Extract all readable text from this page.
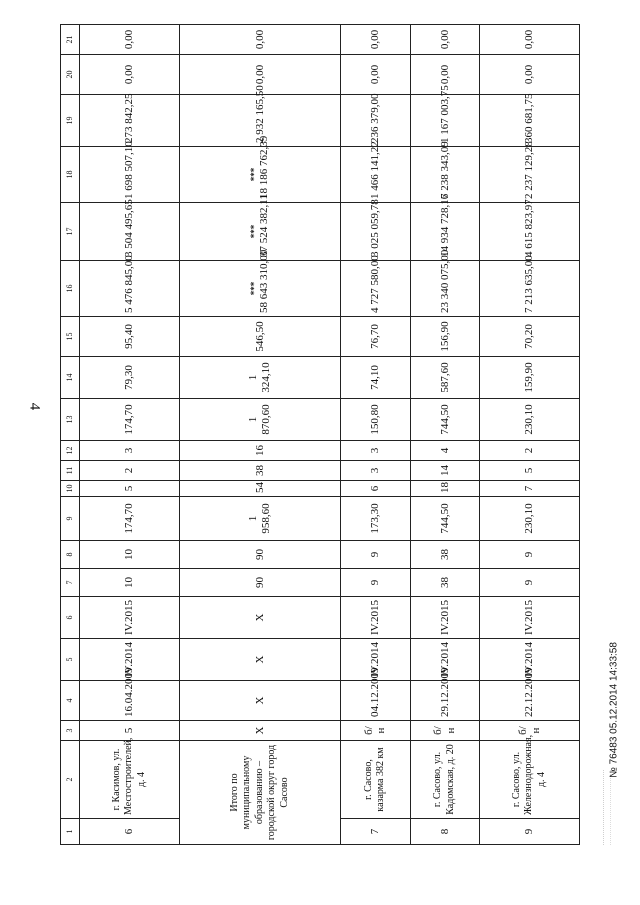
4
1	2	3	4	5	6	7	8	9	10	11	12	13	14	15	16	17	18	19	20	21
6	г. Касимов, ул. Месгостроителей, д. 4	5	16.04.2009	IV.2014	IV.2015	10	10	174,70	5	2	3	174,70	79,30	95,40	5 476 845,00	3 504 495,65	1 698 507,10	273 842,25	0,00	0,00
Итого по муниципальному образованию – городской округ город Сасово		X	X	X	X	90	90	1 958,60	54	38	16	1 870,60	1 324,10	546,50	*** 58 643 310,00	*** 37 524 382,11	*** 18 186 762,39	2 932 165,50	0,00	0,00
7	г. Сасово, казарма 382 км	б/н	04.12.2009	IV.2014	IV.2015	9	9	173,30	6	3	3	150,80	74,10	76,70	4 727 580,00	3 025 059,78	1 466 141,22	236 379,00	0,00	0,00
8	г. Сасово, ул. Кадомская, д. 20	б/н	29.12.2009	IV.2014	IV.2015	38	38	744,50	18	14	4	744,50	587,60	156,90	23 340 075,00	14 934 728,16	7 238 343,09	1 167 003,75	0,00	0,00
9	г. Сасово, ул. Железнодорожная, д. 4	б/н	22.12.2009	IV.2014	IV.2015	9	9	230,10	7	5	2	230,10	159,90	70,20	7 213 635,00	4 615 823,97	2 237 129,28	360 681,75	0,00	0,00
№ 76483 05.12.2014 14:33:58
